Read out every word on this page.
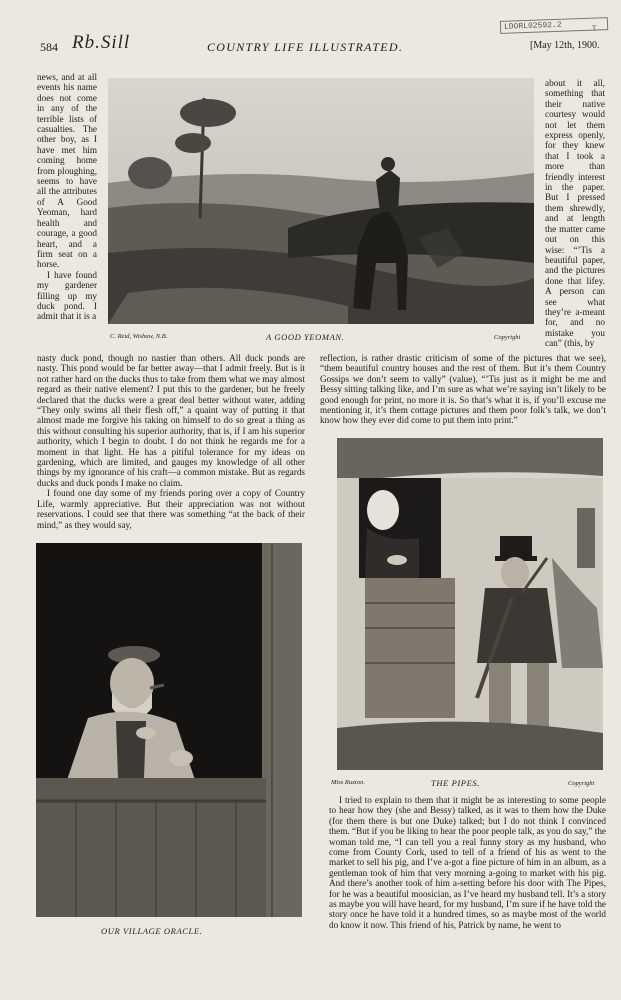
584 Rb.Sill	COUNTRY LIFE ILLUSTRATED.	[May 12th, 1900.
LDORL02592.2	ᵀ

news, and at all events his name does not come in any of the terrible lists of casualties. The other boy, as I have met him coming home from ploughing, seems to have all the attributes of A Good Yeoman, hard health and courage, a good heart, and a firm seat on a horse.

I have found my gardener filling up my duck pond. I admit that it is a

C. Reid, Wishaw, N.B.	A GOOD YEOMAN.	Copyright

about it all, something that their native courtesy would not let them express openly, for they knew that I took a more than friendly interest in the paper. But I pressed them shrewdly, and at length the matter came out on this wise: “’Tis a beautiful paper, and the pictures done that lifey. A person can see what they’re a-meant for, and no mistake you can” (this, by

nasty duck pond, though no nastier than others. All duck ponds are nasty. This pond would be far better away—that I admit freely. But is it not rather hard on the ducks thus to take from them what we may almost regard as their native element? I put this to the gardener, but he freely declared that the ducks were a great deal better without water, adding “They only swims all their flesh off,” a quaint way of putting it that almost made me forgive his taking on himself to do so great a thing as this without consulting his superior authority, that is, if I am his superior authority, which I begin to doubt. I do not think he regards me for a moment in that light. He has a pitiful tolerance for my ideas on gardening, which are limited, and gauges my knowledge of all other things by my ignorance of his craft—a common mistake. But as regards ducks and duck ponds I make no claim.

I found one day some of my friends poring over a copy of Country Life, warmly appreciative. But their appreciation was not without reservations. I could see that there was something “at the back of their mind,” as they would say,

reflection, is rather drastic criticism of some of the pictures that we see), “them beautiful country houses and the rest of them. But it’s them Country Gossips we don’t seem to vally” (value). “’Tis just as it might be me and Bessy sitting talking like, and I’m sure as what we’re saying isn’t likely to be good enough for print, no more it is. So that’s what it is, if you’ll excuse me mentioning it, it’s them cottage pictures and them poor folk’s talk, we don’t know how they ever did come to put them into print.”

Miss Ruxton.	THE PIPES.	Copyright
OUR VILLAGE ORACLE.

I tried to explain to them that it might be as interesting to some people to hear how they (she and Bessy) talked, as it was to them how the Duke (for them there is but one Duke) talked; but I do not think I convinced them. “But if you be liking to hear the poor people talk, as you do say,” the woman told me, “I can tell you a real funny story as my husband, who come from County Cork, used to tell of a friend of his as went to the market to sell his pig, and I’ve a-got a fine picture of him in an album, as a gentleman took of him that very morning a-going to market with his pig. And there’s another took of him a-setting before his door with The Pipes, for he was a beautiful moosician, as I’ve heard my husband tell. It’s a story as maybe you will have heard, for my husband, I’m sure if he have told the story once he have told it a hundred times, so as maybe most of the world do know it now. This friend of his, Patrick by name, he went to
